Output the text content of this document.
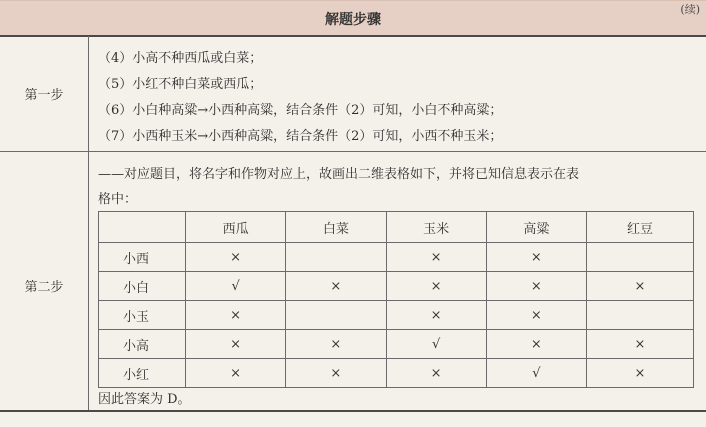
解题步骤
(续)
第一步
（4）小高不种西瓜或白菜；
（5）小红不种白菜或西瓜；
（6）小白种高粱→小西种高粱，结合条件（2）可知，小白不种高粱；
（7）小西种玉米→小西种高粱，结合条件（2）可知，小西不种玉米；
第二步
——对应题目，将名字和作物对应上，故画出二维表格如下，并将已知信息表示在表
格中：
	西瓜	白菜	玉米	高粱	红豆
小西	×		×	×	
小白	√	×	×	×	×
小玉	×		×	×	
小高	×	×	√	×	×
小红	×	×	×	√	×
因此答案为 D。
